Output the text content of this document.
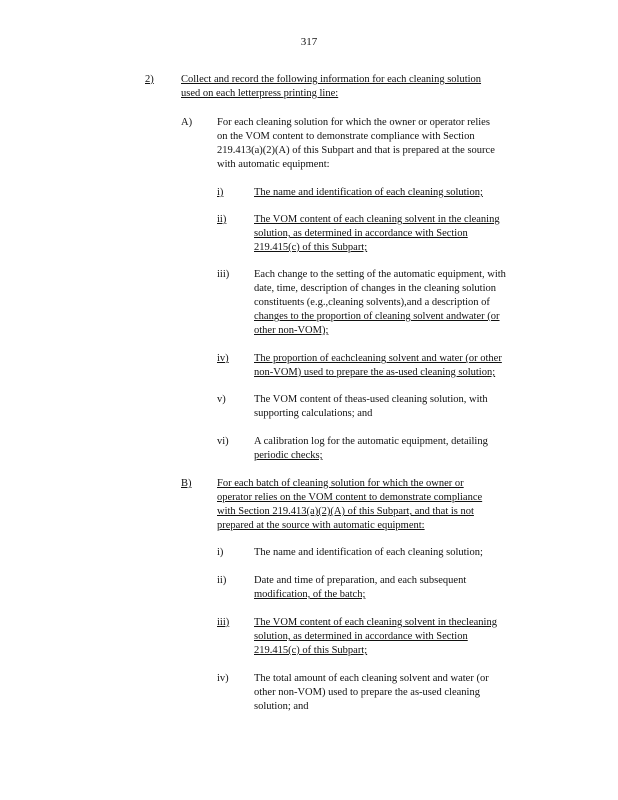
317
2)	Collect and record the following information for each cleaning solution
used on each letterpress printing line:
A) For each cleaning solution for which the owner or operator relies
on the VOM content to demonstrate compliance with Section
219.413(a)(2)(A) of this Subpart and that is prepared at the source
with automatic equipment:
i)	The name and identification of each cleaning solution;
ii)	The VOM content of each cleaning solvent in the cleaning
solution, as determined in accordance with Section
219.415(c) of this Subpart;
iii) Each change to the setting of the automatic equipment, with
date, time, description of changes in the cleaning solution
constituents (e.g.,cleaning solvents),and a description of
changes to the proportion of cleaning solvent andwater (or
other non-VOM);
iv) The proportion of eachcleaning solvent and water (or other
non-VOM) used to prepare the as-used cleaning solution;
v)	The VOM content of theas-used cleaning solution, with
supporting calculations; and
vi) A calibration log for the automatic equipment, detailing
periodic checks;
B) For each batch of cleaning solution for which the owner or
operator relies on the VOM content to demonstrate compliance
with Section 219.413(a)(2)(A) of this Subpart, and that is not
prepared at the source with automatic equipment:
i)	The name and identification of each cleaning solution;
ii)	Date and time of preparation, and each subsequent
modification, of the batch;
iii) The VOM content of each cleaning solvent in thecleaning
solution, as determined in accordance with Section
219.415(c) of this Subpart;
iv) The total amount of each cleaning solvent and water (or
other non-VOM) used to prepare the as-used cleaning
solution; and
